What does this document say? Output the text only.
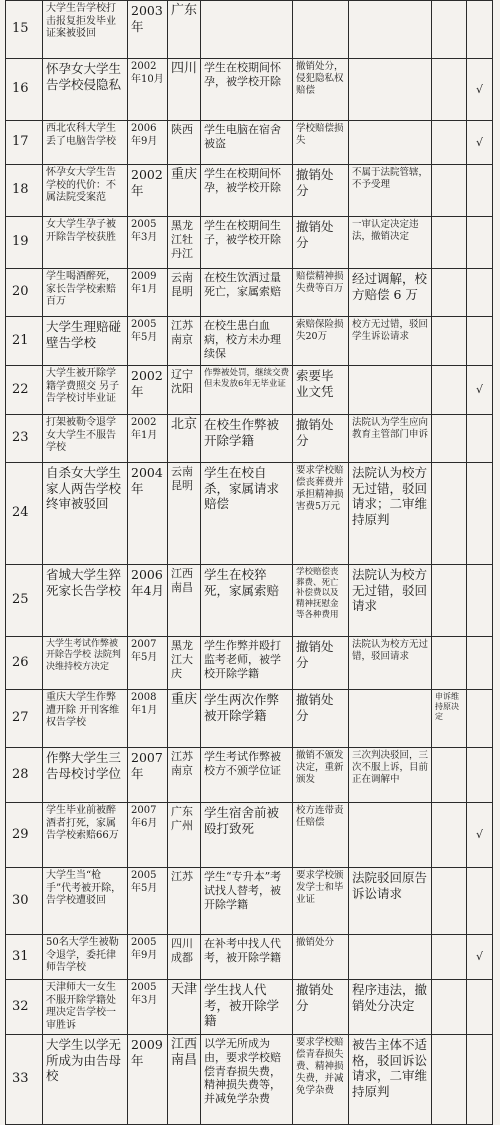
15	大学生告学校打击报复拒发毕业证案被驳回	2003年	广东					
16	怀孕女大学生告学校侵隐私	2002年10月	四川	学生在校期间怀孕，被学校开除	撤销处分，侵犯隐私权赔偿			√
17	西北农科大学生丢了电脑告学校	2006年9月	陕西	学生电脑在宿舍被盗	学校赔偿损失			√
18	怀孕女大学生告学校的代价：不属法院受案范	2002年	重庆	学生在校期间怀孕，被学校开除	撤销处分	不属于法院管辖，不予受理		
19	女大学生孕子被开除告学校获胜	2005年3月	黑龙江牡丹江	学生在校期间生子，被学校开除	撤销处分	一审认定决定违法，撤销决定		
20	学生喝酒醉死，家长告学校索赔百万	2009年1月	云南昆明	在校生饮酒过量死亡，家属索赔	赔偿精神损失费等百万	经过调解，校方赔偿 6 万		
21	大学生理赔碰壁告学校	2005年5月	江苏南京	在校生患白血病，校方未办理续保	索赔保险损失20万	校方无过错，驳回学生诉讼请求		
22	大学生被开除学籍学费照交 另子告学校讨毕业证	2002年	辽宁沈阳	作弊被处罚，继续交费但未发放6年无毕业证	索要毕业文凭			√
23	打架被勒令退学 女大学生不服告学校	2002年1月	北京	在校生作弊被开除学籍	撤销处分	法院认为学生应向教育主管部门申诉		
24	自杀女大学生家人两告学校终审被驳回	2004年	云南昆明	学生在校自杀，家属请求赔偿	要求学校赔偿丧葬费并承担精神损害费5万元	法院认为校方无过错，驳回请求；二审维持原判		
25	省城大学生猝死家长告学校	2006年4月	江西南昌	学生在校猝死，家属索赔	学校赔偿丧葬费、死亡补偿费以及精神抚慰金等各种费用	法院认为校方无过错，驳回请求		
26	大学生考试作弊被开除告学校 法院判决维持校方决定	2007年5月	黑龙江大庆	学生作弊并殴打监考老师，被学校开除学籍	撤销处分	法院认为校方无过错，驳回请求		
27	重庆大学生作弊遭开除 开刊客维权告学校	2008年1月	重庆	学生两次作弊被开除学籍	撤销处分		申诉维持原决定	
28	作弊大学生三告母校讨学位	2007年	江苏南京	学生考试作弊被校方不颁学位证	撤销不颁发决定，重新颁发	三次判决驳回，三次不服上诉，目前正在调解中		
29	学生毕业前被醉酒者打死，家属告学校索赔66万	2007年6月	广东广州	学生宿舍前被殴打致死	校方连带责任赔偿			√
30	大学生当“枪手”代考被开除，告学校遭驳回	2005年5月	江苏	学生“专升本”考试找人替考，被开除学籍	要求学校颁发学士和毕业证	法院驳回原告诉讼请求		
31	50名大学生被勒令退学，委托律师告学校	2005年9月	四川成都	在补考中找人代考，被开除学籍	撤销处分			√
32	天津师大一女生不服开除学籍处理决定告学校一审胜诉	2005年3月	天津	学生找人代考，被开除学籍	撤销处分	程序违法，撤销处分决定		
33	大学生以学无所成为由告母校	2009年	江西南昌	以学无所成为由，要求学校赔偿青春损失费，精神损失费等，并减免学杂费	要求学校赔偿青春损失费、精神损失费，并减免学杂费	被告主体不适格，驳回诉讼请求，二审维持原判		
